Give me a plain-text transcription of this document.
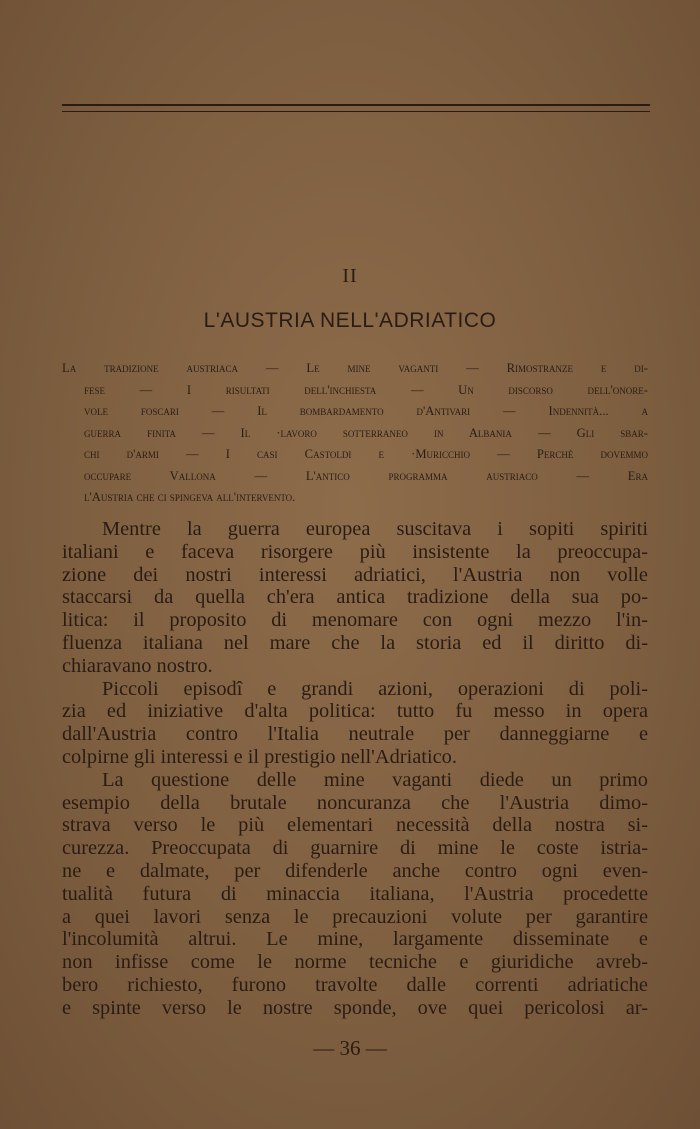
II
L'AUSTRIA NELL'ADRIATICO
La tradizione austriaca — Le mine vaganti — Rimostranze e di-
fese — I risultati dell'inchiesta — Un discorso dell'onore-
vole foscari — Il bombardamento d'Antivari — Indennità... a
guerra finita — Il ·lavoro sotterraneo in Albania — Gli sbar-
chi d'armi — I casi Castoldi e ·Muricchio — Perchè dovemmo
occupare Vallona — L'antico programma austriaco — Era
l'Austria che ci spingeva all'intervento.
Mentre la guerra europea suscitava i sopiti spiriti
italiani e faceva risorgere più insistente la preoccupa-
zione dei nostri interessi adriatici, l'Austria non volle
staccarsi da quella ch'era antica tradizione della sua po-
litica: il proposito di menomare con ogni mezzo l'in-
fluenza italiana nel mare che la storia ed il diritto di-
chiaravano nostro.
Piccoli episodî e grandi azioni, operazioni di poli-
zia ed iniziative d'alta politica: tutto fu messo in opera
dall'Austria contro l'Italia neutrale per danneggiarne e
colpirne gli interessi e il prestigio nell'Adriatico.
La questione delle mine vaganti diede un primo
esempio della brutale noncuranza che l'Austria dimo-
strava verso le più elementari necessità della nostra si-
curezza. Preoccupata di guarnire di mine le coste istria-
ne e dalmate, per difenderle anche contro ogni even-
tualità futura di minaccia italiana, l'Austria procedette
a quei lavori senza le precauzioni volute per garantire
l'incolumità altrui. Le mine, largamente disseminate e
non infisse come le norme tecniche e giuridiche avreb-
bero richiesto, furono travolte dalle correnti adriatiche
e spinte verso le nostre sponde, ove quei pericolosi ar-
— 36 —
